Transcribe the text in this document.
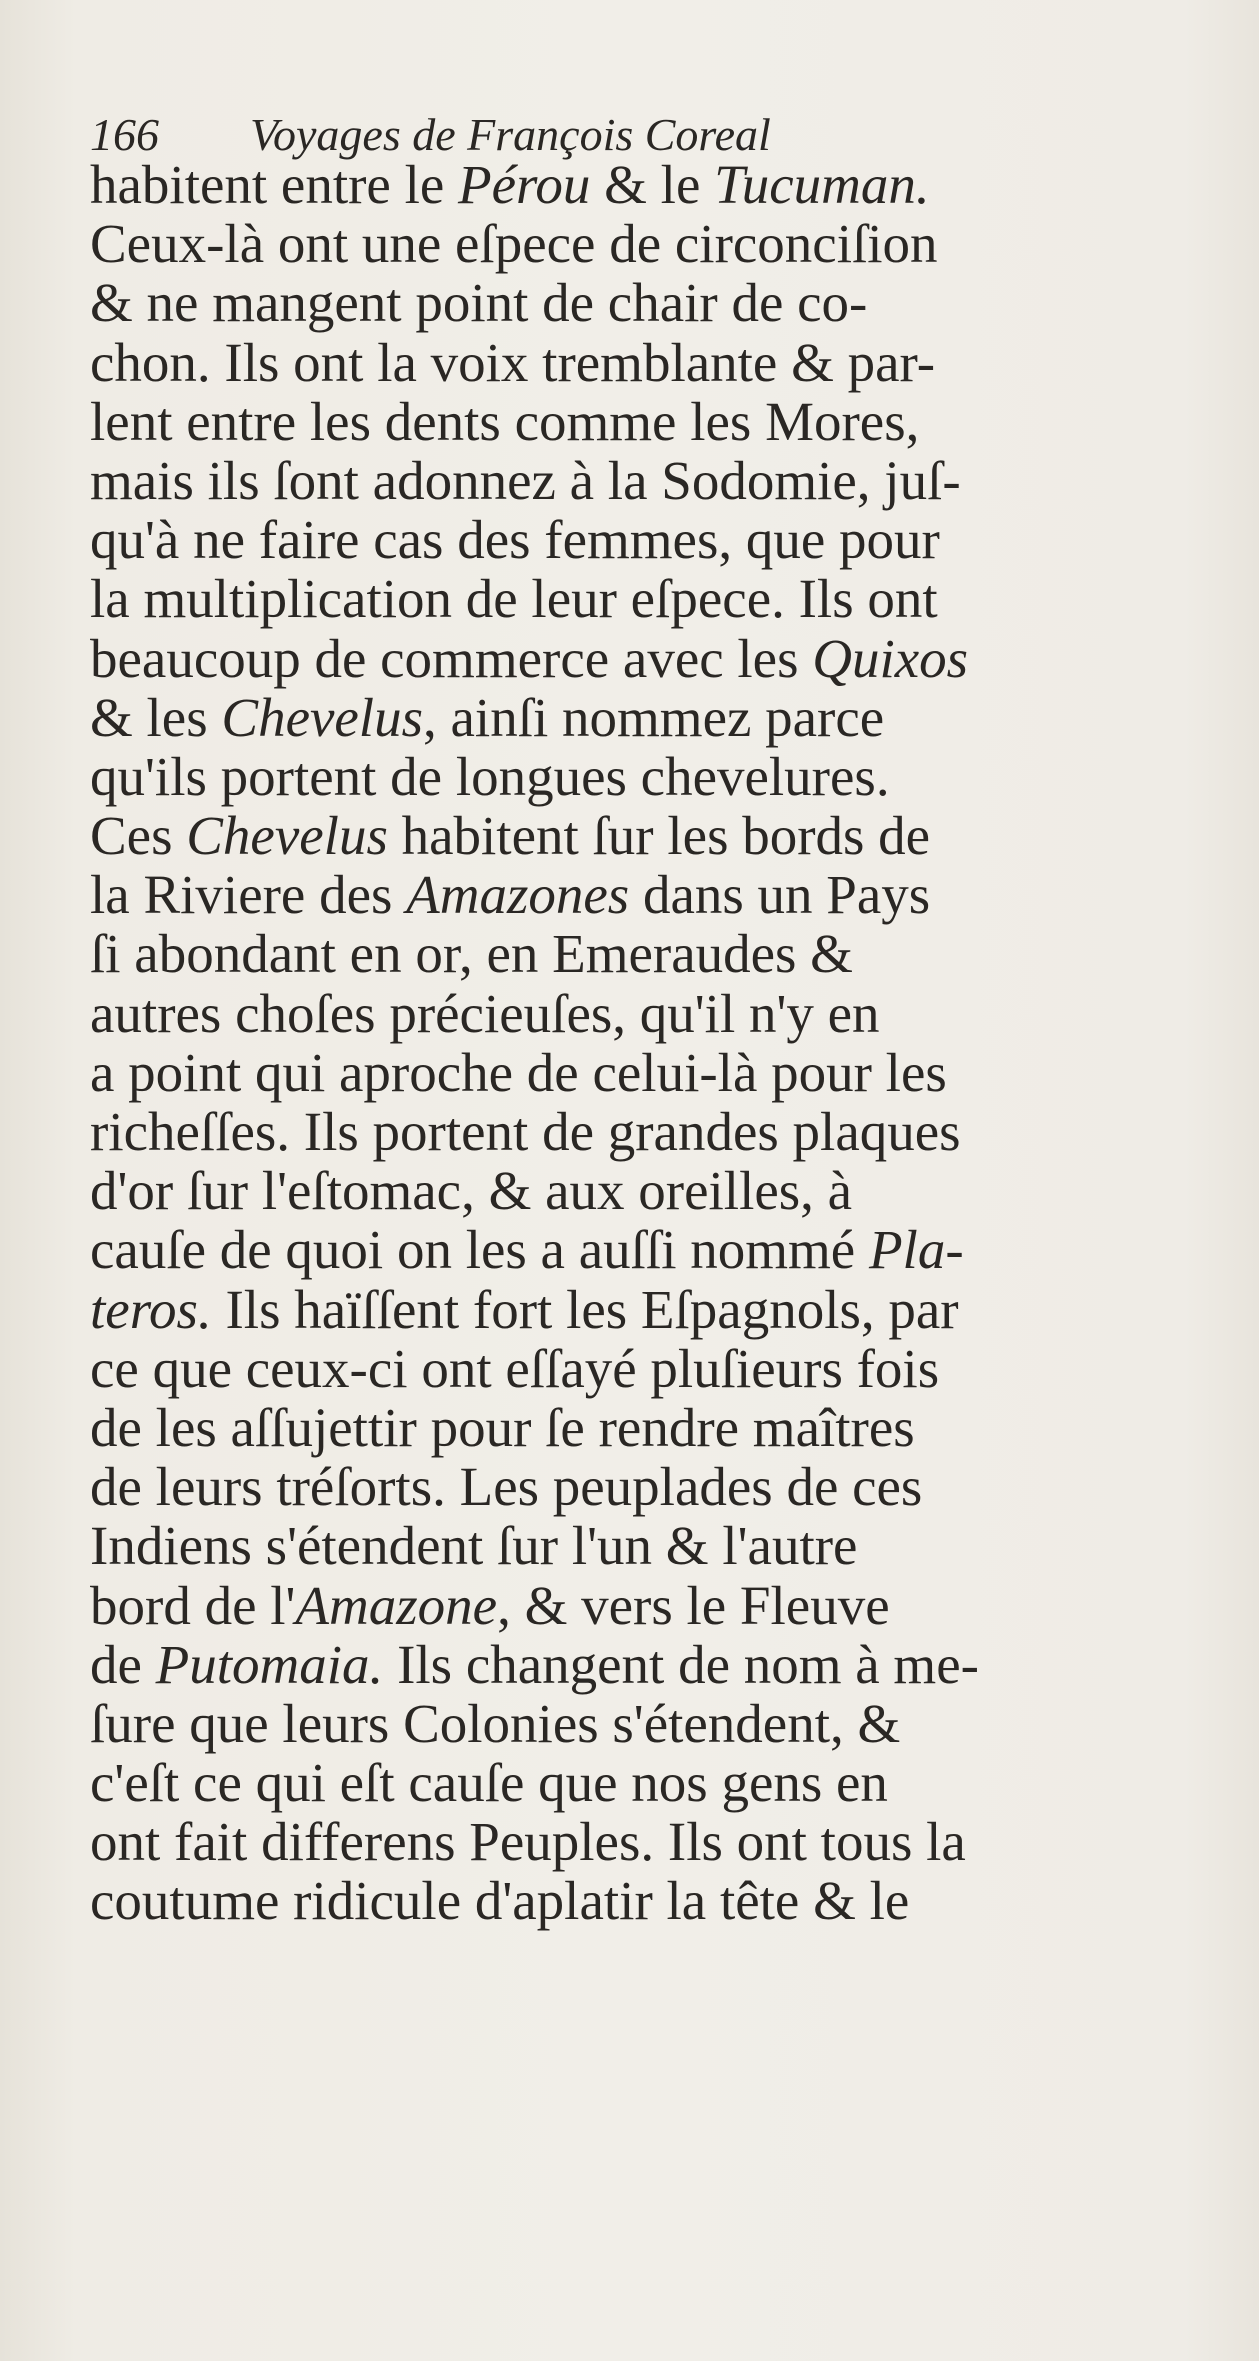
166 Voyages de François Coreal
habitent entre le Pérou & le Tucuman.
Ceux-là ont une eſpece de circonciſion
& ne mangent point de chair de co-
chon. Ils ont la voix tremblante & par-
lent entre les dents comme les Mores,
mais ils ſont adonnez à la Sodomie, juſ-
qu'à ne faire cas des femmes, que pour
la multiplication de leur eſpece. Ils ont
beaucoup de commerce avec les Quixos
& les Chevelus, ainſi nommez parce
qu'ils portent de longues chevelures.
Ces Chevelus habitent ſur les bords de
la Riviere des Amazones dans un Pays
ſi abondant en or, en Emeraudes &
autres choſes précieuſes, qu'il n'y en
a point qui aproche de celui-là pour les
richeſſes. Ils portent de grandes plaques
d'or ſur l'eſtomac, & aux oreilles, à
cauſe de quoi on les a auſſi nommé Pla-
teros. Ils haïſſent fort les Eſpagnols, par
ce que ceux-ci ont eſſayé pluſieurs fois
de les aſſujettir pour ſe rendre maîtres
de leurs tréſorts. Les peuplades de ces
Indiens s'étendent ſur l'un & l'autre
bord de l'Amazone, & vers le Fleuve
de Putomaia. Ils changent de nom à me-
ſure que leurs Colonies s'étendent, &
c'eſt ce qui eſt cauſe que nos gens en
ont fait differens Peuples. Ils ont tous la
coutume ridicule d'aplatir la tête & le
